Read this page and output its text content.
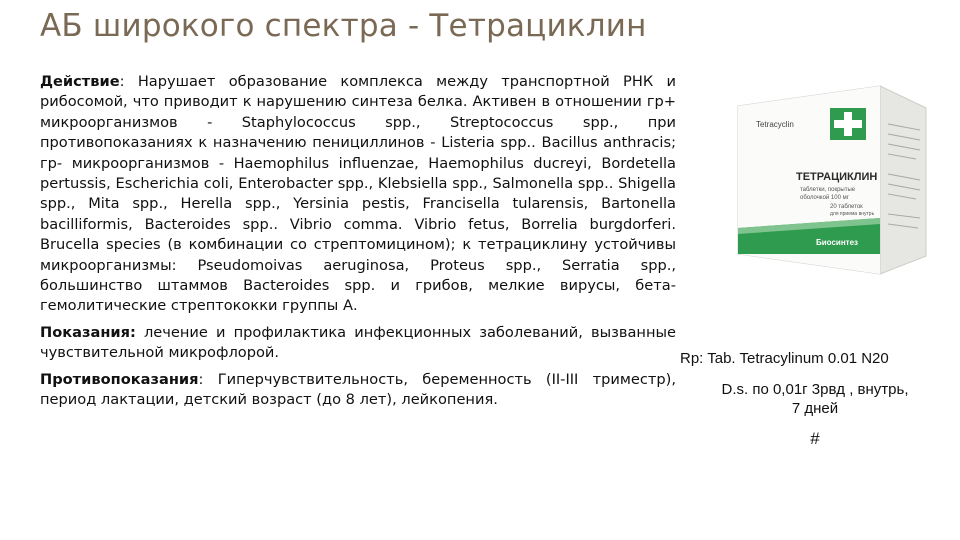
АБ широкого спектра - Тетрациклин

Действие: Нарушает образование комплекса между транспортной РНК и рибосомой, что приводит к нарушению синтеза белка. Активен в отношении гр+ микроорганизмов - Staphylococcus spp., Streptococcus spp., при противопоказаниях к назначению пенициллинов - Listeria spp.. Bacillus anthracis; гр- микроорганизмов - Haemophilus influenzae, Haemophilus ducreyi, Bordetella pertussis, Escherichia coli, Enterobacter spp., Klebsiella spp., Salmonella spp.. Shigella spp., Mita spp., Herella spp., Yersinia pestis, Francisella tularensis, Bartonella bacilliformis, Bacteroides spp.. Vibrio comma. Vibrio fetus, Borrelia burgdorferi. Brucella species (в комбинации со стрептомицином); к тетрациклину устойчивы микроорганизмы: Pseudomoivas aeruginosa, Proteus spp., Serratia spp., большинство штаммов Bacteroides spp. и грибов, мелкие вирусы, бета-гемолитические стрептококки группы А.

Показания: лечение и профилактика инфекционных заболеваний, вызванные чувствительной микрофлорой.

Противопоказания: Гиперчувствительность, беременность (II-III триместр), период лактации, детский возраст (до 8 лет), лейкопения.

Tetracyclin
ТЕТРАЦИКЛИН
таблетки, покрытые
оболочкой 100 мг
20 таблеток
для приема внутрь
Биосинтез
Rp: Tab. Tetracylinum 0.01 N20
D.s. по 0,01г 3рвд , внутрь,
7 дней
#
